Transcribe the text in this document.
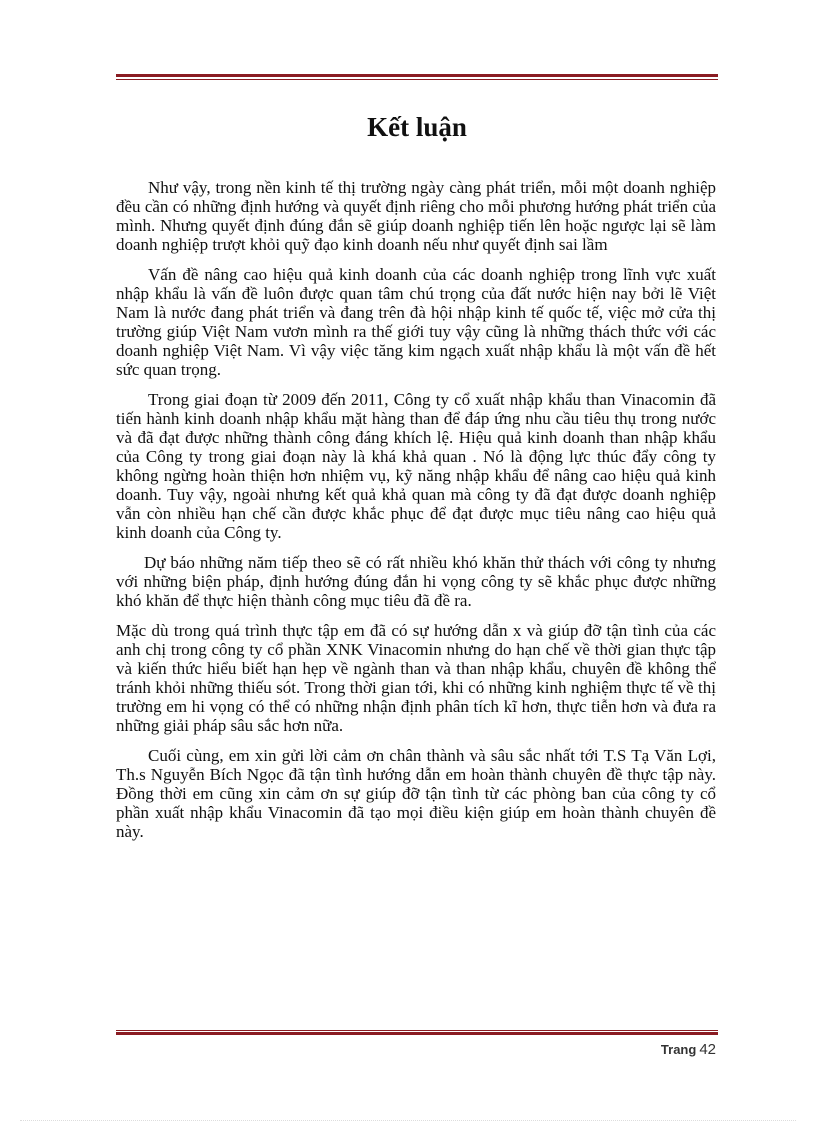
Kết luận

Như vậy, trong nền kinh tế thị trường ngày càng phát triển, mỗi một doanh nghiệp đều cần có những định hướng và quyết định riêng cho mỗi phương hướng phát triển của mình. Nhưng quyết định đúng đắn sẽ giúp doanh nghiệp tiến lên hoặc ngược lại sẽ làm doanh nghiệp trượt khỏi quỹ đạo kinh doanh nếu như quyết định sai lầm

Vấn đề nâng cao hiệu quả kinh doanh của các doanh nghiệp trong lĩnh vực xuất nhập khẩu là vấn đề luôn được quan tâm chú trọng của đất nước hiện nay bởi lẽ Việt Nam là nước đang phát triển và đang trên đà hội nhập kinh tế quốc tế, việc mở cửa thị trường giúp Việt Nam vươn mình ra thế giới tuy vậy cũng là những thách thức với các doanh nghiệp Việt Nam. Vì vậy việc tăng kim ngạch xuất nhập khẩu là một vấn đề hết sức quan trọng.

Trong giai đoạn từ 2009 đến 2011, Công ty cổ xuất nhập khẩu than Vinacomin đã tiến hành kinh doanh nhập khẩu mặt hàng than để đáp ứng nhu cầu tiêu thụ trong nước và đã đạt được những thành công đáng khích lệ. Hiệu quả kinh doanh than nhập khẩu của Công ty trong giai đoạn này là khá khả quan . Nó là động lực thúc đẩy công ty không ngừng hoàn thiện hơn nhiệm vụ, kỹ năng nhập khẩu để nâng cao hiệu quả kinh doanh. Tuy vậy, ngoài nhưng kết quả khả quan mà công ty đã đạt được doanh nghiệp vẫn còn nhiều hạn chế cần được khắc phục để đạt được mục tiêu nâng cao hiệu quả kinh doanh của Công ty.

Dự báo những năm tiếp theo sẽ có rất nhiều khó khăn thử thách với công ty nhưng với những biện pháp, định hướng đúng đắn hi vọng công ty sẽ khắc phục được những khó khăn để thực hiện thành công mục tiêu đã đề ra.

Mặc dù trong quá trình thực tập em đã có sự hướng dẫn x và giúp đỡ tận tình của các anh chị trong công ty cổ phần XNK Vinacomin nhưng do hạn chế về thời gian thực tập và kiến thức hiểu biết hạn hẹp về ngành than và than nhập khẩu, chuyên đề không thể tránh khỏi những thiếu sót. Trong thời gian tới, khi có những kinh nghiệm thực tế về thị trường em hi vọng có thể có những nhận định phân tích kĩ hơn, thực tiễn hơn và đưa ra những giải pháp sâu sắc hơn nữa.

Cuối cùng, em xin gửi lời cảm ơn chân thành và sâu sắc nhất tới T.S Tạ Văn Lợi, Th.s Nguyễn Bích Ngọc đã tận tình hướng dẫn em hoàn thành chuyên đề thực tập này. Đồng thời em cũng xin cảm ơn sự giúp đỡ tận tình từ các phòng ban của công ty cổ phần xuất nhập khẩu Vinacomin đã tạo mọi điều kiện giúp em hoàn thành chuyên đề này.

Trang 42
